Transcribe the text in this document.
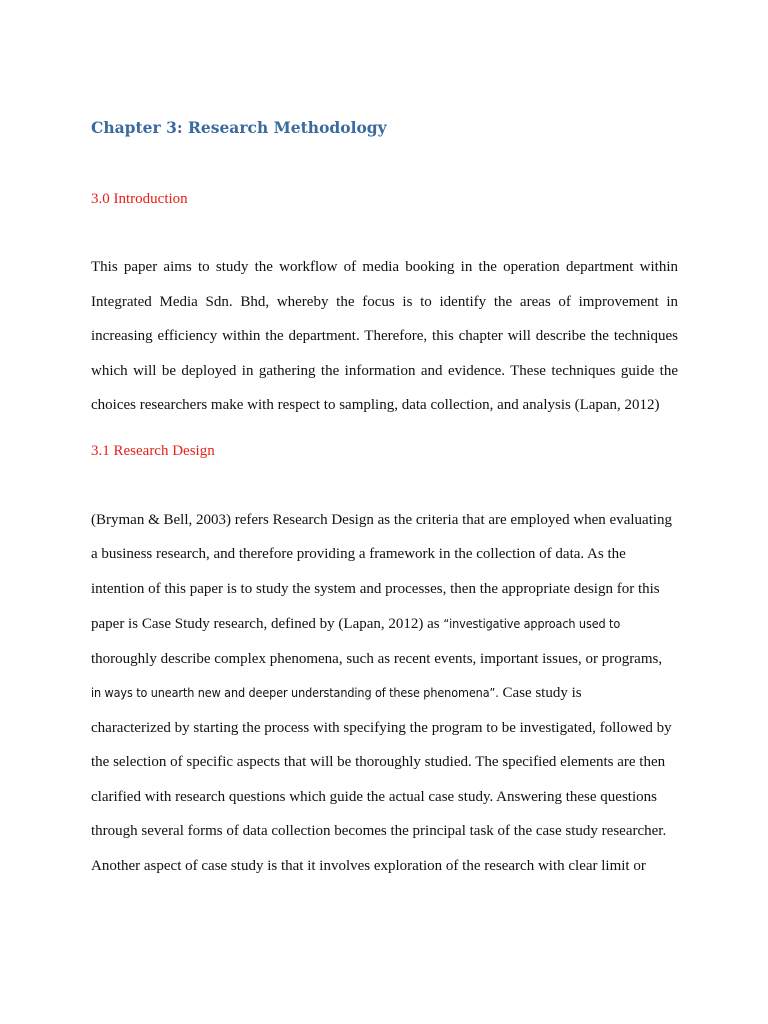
Chapter 3: Research Methodology
3.0 Introduction

This paper aims to study the workflow of media booking in the operation department within

Integrated Media Sdn. Bhd, whereby the focus is to identify the areas of improvement in

increasing efficiency within the department. Therefore, this chapter will describe the techniques

which will be deployed in gathering the information and evidence. These techniques guide the

choices researchers make with respect to sampling, data collection, and analysis (Lapan, 2012)

3.1 Research Design

(Bryman & Bell, 2003) refers Research Design as the criteria that are employed when evaluating

a business research, and therefore providing a framework in the collection of data. As the

intention of this paper is to study the system and processes, then the appropriate design for this

paper is Case Study research, defined by (Lapan, 2012) as “investigative approach used to

thoroughly describe complex phenomena, such as recent events, important issues, or programs,

in ways to unearth new and deeper understanding of these phenomena”. Case study is

characterized by starting the process with specifying the program to be investigated, followed by

the selection of specific aspects that will be thoroughly studied. The specified elements are then

clarified with research questions which guide the actual case study. Answering these questions

through several forms of data collection becomes the principal task of the case study researcher.

Another aspect of case study is that it involves exploration of the research with clear limit or
